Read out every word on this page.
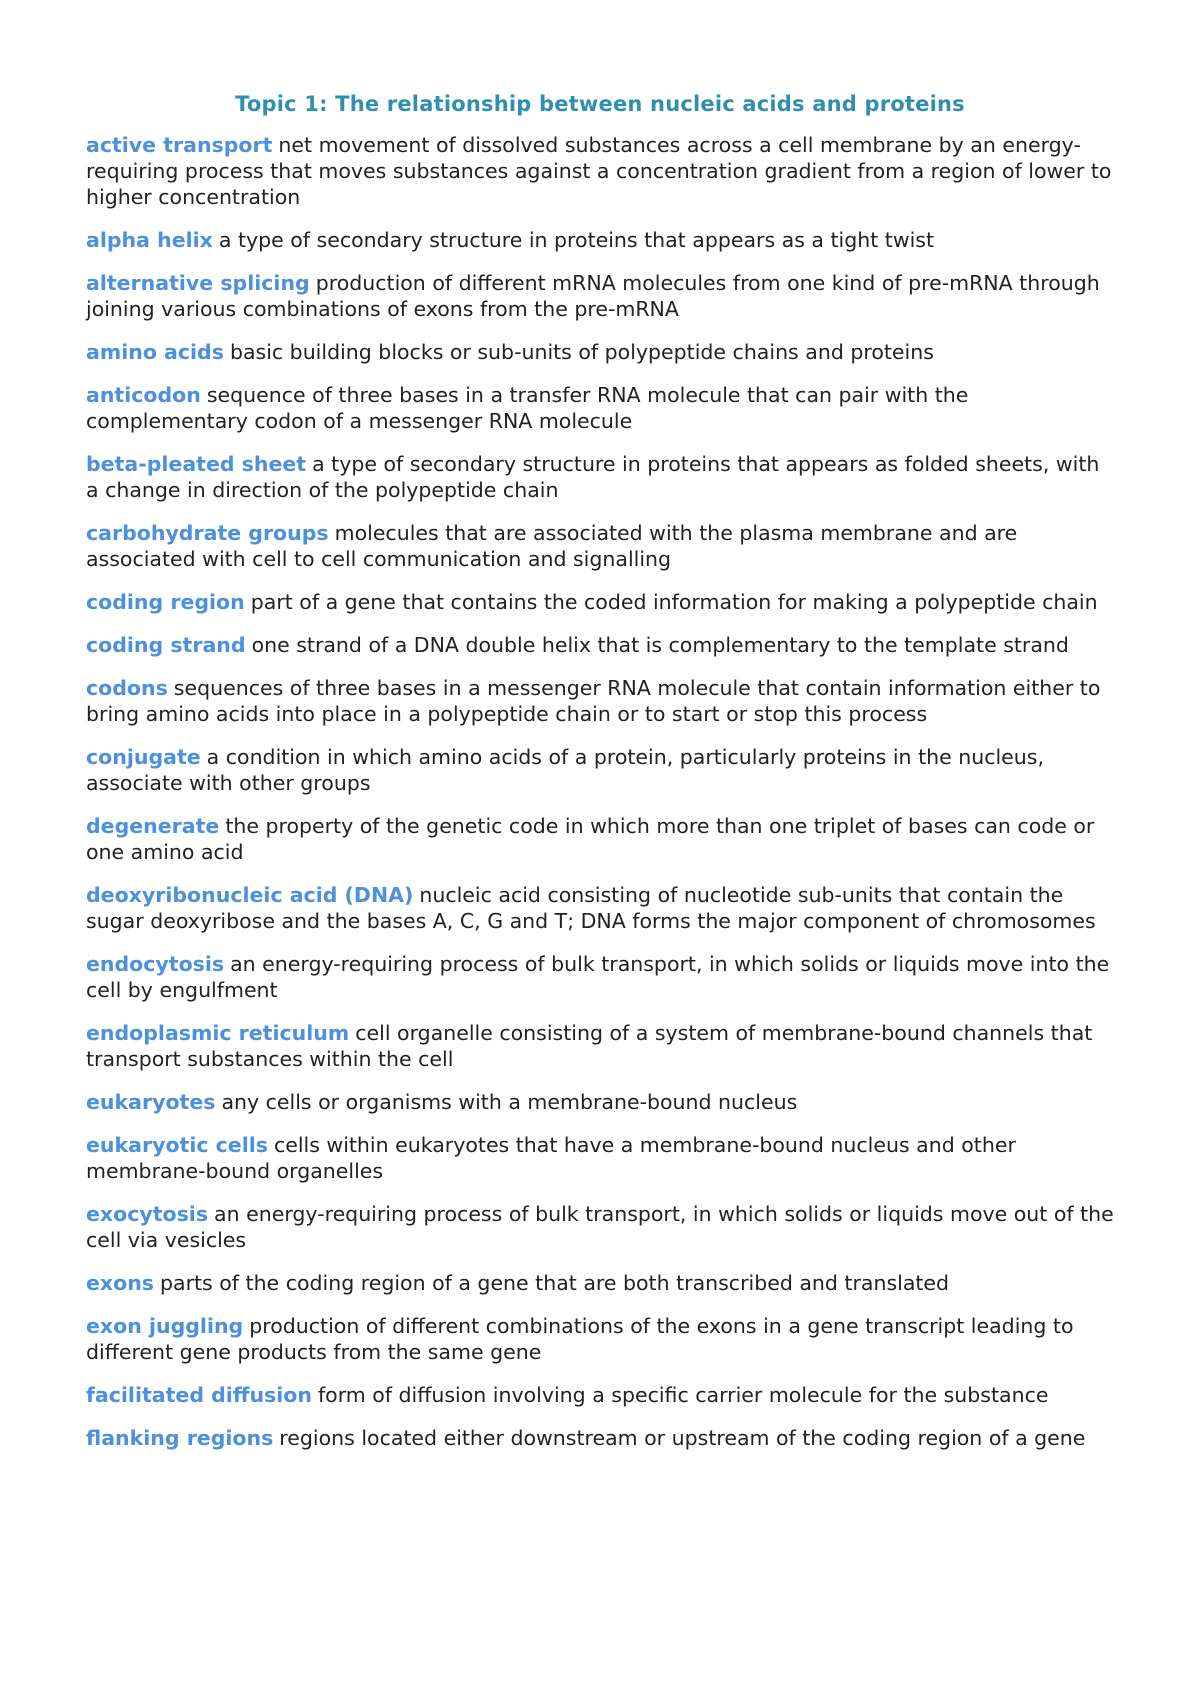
Topic 1: The relationship between nucleic acids and proteins

active transport net movement of dissolved substances across a cell membrane by an energy-requiring process that moves substances against a concentration gradient from a region of lower to higher concentration

alpha helix a type of secondary structure in proteins that appears as a tight twist

alternative splicing production of different mRNA molecules from one kind of pre-mRNA through joining various combinations of exons from the pre-mRNA

amino acids basic building blocks or sub-units of polypeptide chains and proteins

anticodon sequence of three bases in a transfer RNA molecule that can pair with the complementary codon of a messenger RNA molecule

beta-pleated sheet a type of secondary structure in proteins that appears as folded sheets, with a change in direction of the polypeptide chain

carbohydrate groups molecules that are associated with the plasma membrane and are associated with cell to cell communication and signalling

coding region part of a gene that contains the coded information for making a polypeptide chain

coding strand one strand of a DNA double helix that is complementary to the template strand

codons sequences of three bases in a messenger RNA molecule that contain information either to bring amino acids into place in a polypeptide chain or to start or stop this process

conjugate a condition in which amino acids of a protein, particularly proteins in the nucleus, associate with other groups

degenerate the property of the genetic code in which more than one triplet of bases can code or one amino acid

deoxyribonucleic acid (DNA) nucleic acid consisting of nucleotide sub-units that contain the sugar deoxyribose and the bases A, C, G and T; DNA forms the major component of chromosomes

endocytosis an energy-requiring process of bulk transport, in which solids or liquids move into the cell by engulfment

endoplasmic reticulum cell organelle consisting of a system of membrane-bound channels that transport substances within the cell

eukaryotes any cells or organisms with a membrane-bound nucleus

eukaryotic cells cells within eukaryotes that have a membrane-bound nucleus and other membrane-bound organelles

exocytosis an energy-requiring process of bulk transport, in which solids or liquids move out of the cell via vesicles

exons parts of the coding region of a gene that are both transcribed and translated

exon juggling production of different combinations of the exons in a gene transcript leading to different gene products from the same gene

facilitated diffusion form of diffusion involving a specific carrier molecule for the substance

flanking regions regions located either downstream or upstream of the coding region of a gene
